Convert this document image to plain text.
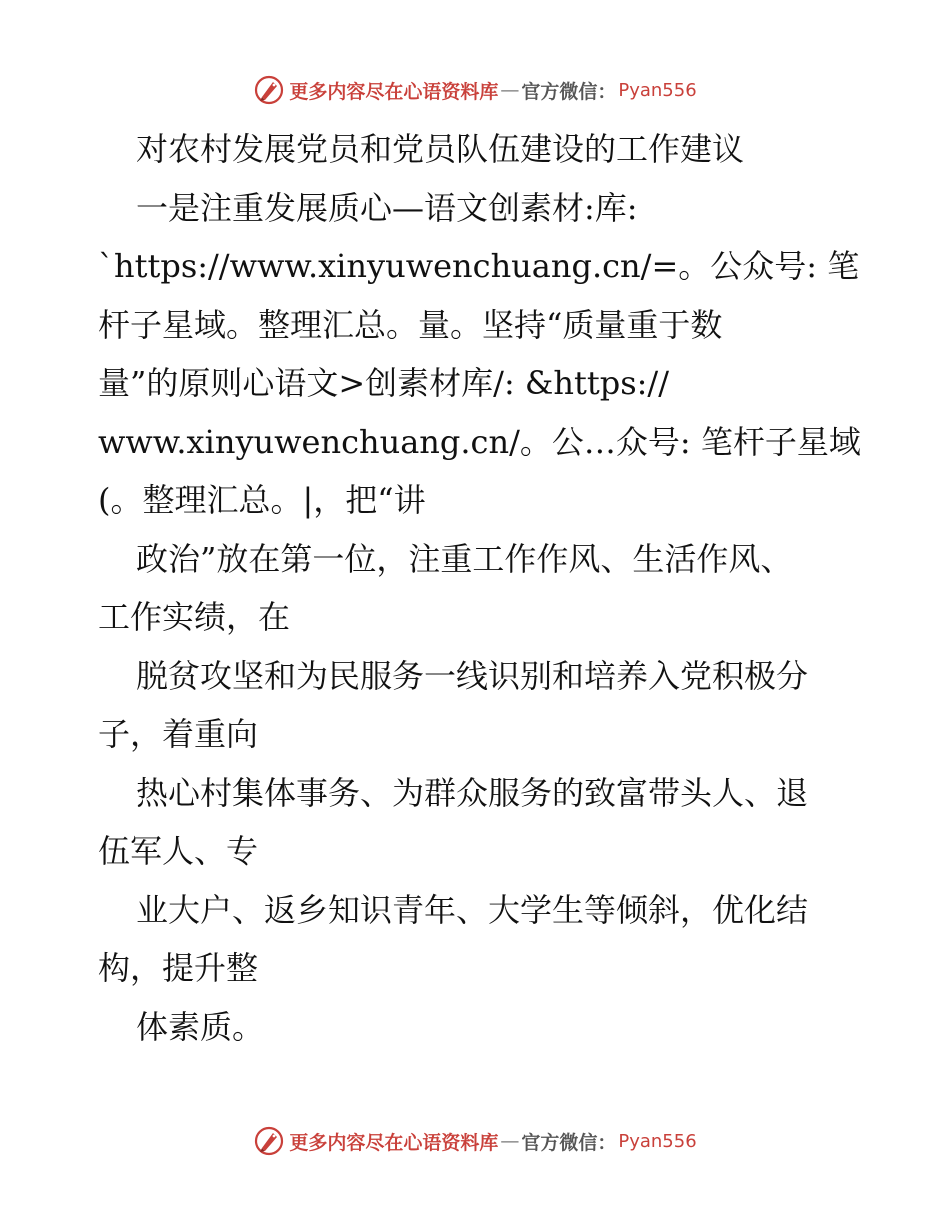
更多内容尽在心语资料库 — 官方微信： Pyan556
对农村发展党员和党员队伍建设的工作建议
一是注重发展质心—语文创素材:库:
`https://www.xinyuwenchuang.cn/=。公众号: 笔
杆子星域。整理汇总。量。坚持“质量重于数
量”的原则心语文>创素材库/: &https://
www.xinyuwenchuang.cn/。公…众号: 笔杆子星域
(。整理汇总。|，把“讲
政治”放在第一位，注重工作作风、生活作风、
工作实绩，在
脱贫攻坚和为民服务一线识别和培养入党积极分
子，着重向
热心村集体事务、为群众服务的致富带头人、退
伍军人、专
业大户、返乡知识青年、大学生等倾斜，优化结
构，提升整
体素质。
更多内容尽在心语资料库 — 官方微信： Pyan556
